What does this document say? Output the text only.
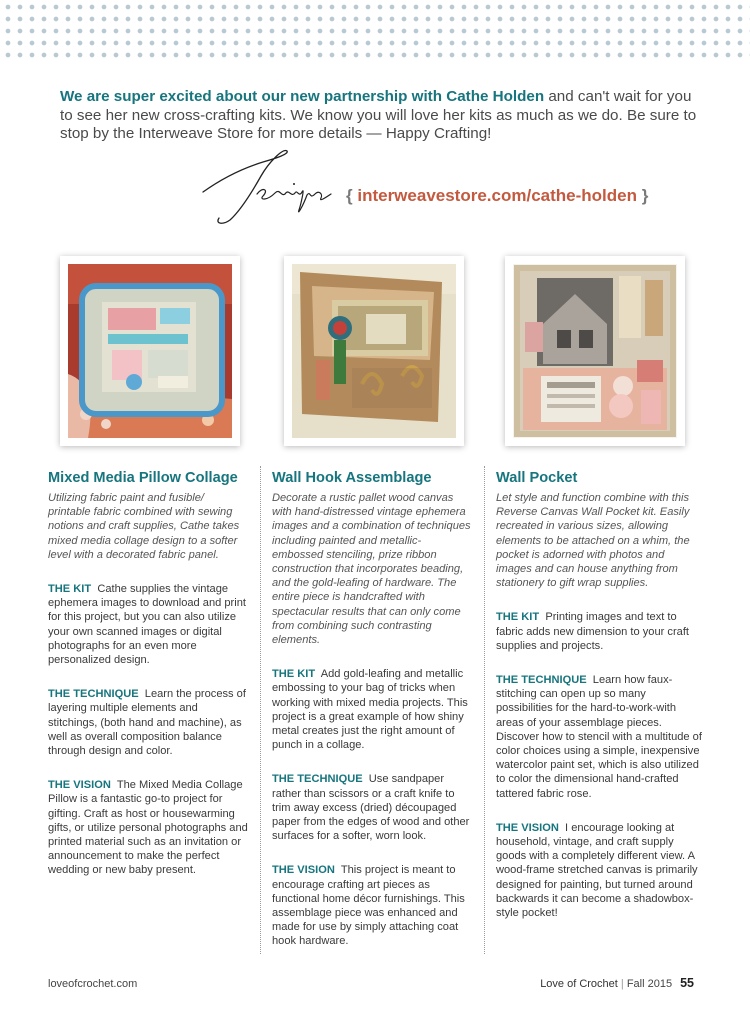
We are super excited about our new partnership with Cathe Holden and can't wait for you to see her new cross-crafting kits. We know you will love her kits as much as we do. Be sure to stop by the Interweave Store for more details — Happy Crafting!

{ interweavestore.com/cathe-holden }
Mixed Media Pillow Collage

Utilizing fabric paint and fusible/ printable fabric combined with sewing notions and craft supplies, Cathe takes mixed media collage design to a softer level with a decorated fabric panel.

THE KIT Cathe supplies the vintage ephemera images to download and print for this project, but you can also utilize your own scanned images or digital photographs for an even more personalized design.

THE TECHNIQUE Learn the process of layering multiple elements and stitchings, (both hand and machine), as well as overall composition balance through design and color.

THE VISION The Mixed Media Collage Pillow is a fantastic go-to project for gifting. Craft as host or housewarming gifts, or utilize personal photographs and printed material such as an invitation or announcement to make the perfect wedding or new baby present.

Wall Hook Assemblage

Decorate a rustic pallet wood canvas with hand-distressed vintage ephemera images and a combination of techniques including painted and metallic-embossed stenciling, prize ribbon construction that incorporates beading, and the gold-leafing of hardware. The entire piece is handcrafted with spectacular results that can only come from combining such contrasting elements.

THE KIT Add gold-leafing and metallic embossing to your bag of tricks when working with mixed media projects. This project is a great example of how shiny metal creates just the right amount of punch in a collage.

THE TECHNIQUE Use sandpaper rather than scissors or a craft knife to trim away excess (dried) découpaged paper from the edges of wood and other surfaces for a softer, worn look.

THE VISION This project is meant to encourage crafting art pieces as functional home décor furnishings. This assemblage piece was enhanced and made for use by simply attaching coat hook hardware.

Wall Pocket

Let style and function combine with this Reverse Canvas Wall Pocket kit. Easily recreated in various sizes, allowing elements to be attached on a whim, the pocket is adorned with photos and images and can house anything from stationery to gift wrap supplies.

THE KIT Printing images and text to fabric adds new dimension to your craft supplies and projects.

THE TECHNIQUE Learn how faux-stitching can open up so many possibilities for the hard-to-work-with areas of your assemblage pieces. Discover how to stencil with a multitude of color choices using a simple, inexpensive watercolor paint set, which is also utilized to color the dimensional hand-crafted tattered fabric rose.

THE VISION I encourage looking at household, vintage, and craft supply goods with a completely different view. A wood-frame stretched canvas is primarily designed for painting, but turned around backwards it can become a shadowbox-style pocket!

loveofcrochet.com	Love of Crochet | Fall 2015 55
